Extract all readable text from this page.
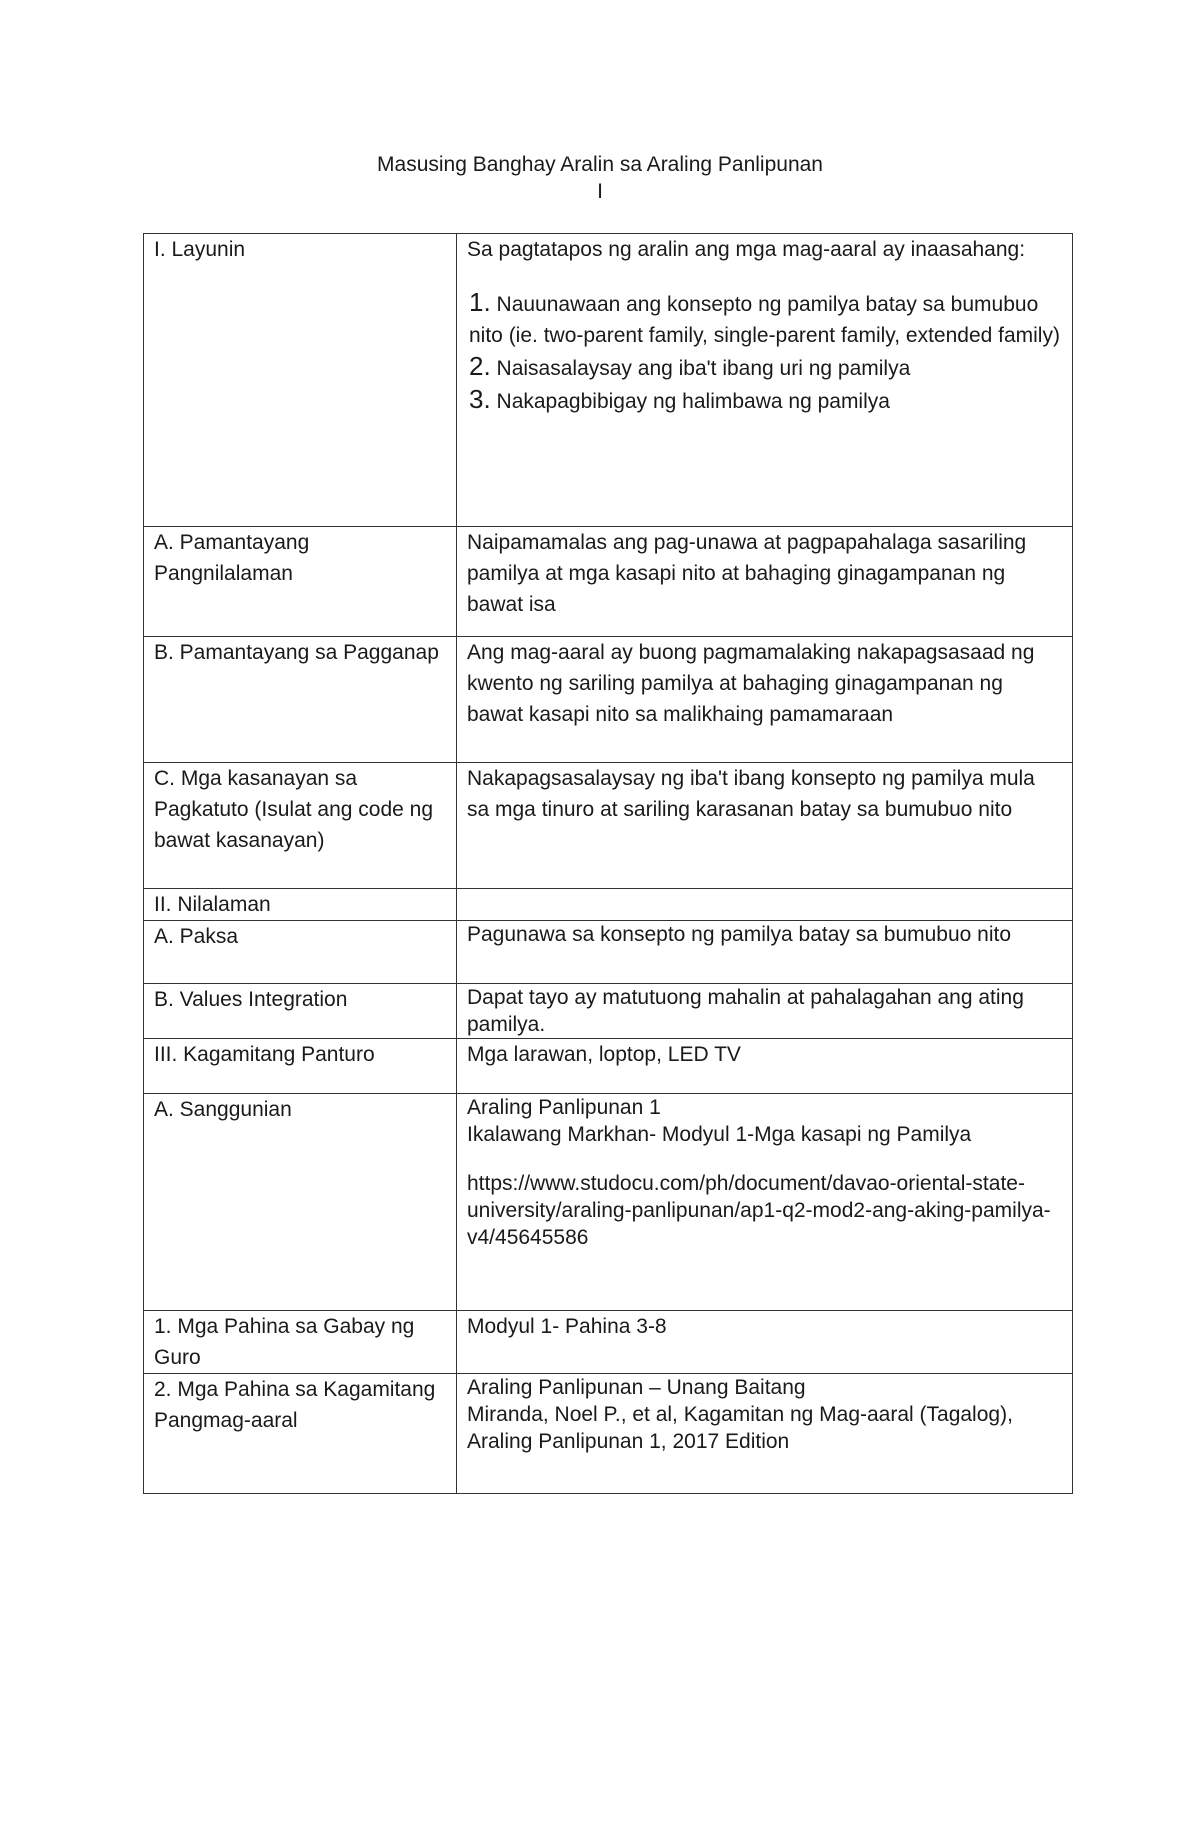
Masusing Banghay Aralin sa Araling Panlipunan
I
I. Layunin	Sa pagtatapos ng aralin ang mga mag-aaral ay inaasahang:

1. Nauunawaan ang konsepto ng pamilya batay sa bumubuo nito (ie. two-parent family, single-parent family, extended family)

2. Naisasalaysay ang iba't ibang uri ng pamilya

3. Nakapagbibigay ng halimbawa ng pamilya

A. Pamantayang Pangnilalaman	Naipamamalas ang pag-unawa at pagpapahalaga sasariling pamilya at mga kasapi nito at bahaging ginagampanan ng bawat isa
B. Pamantayang sa Pagganap	Ang mag-aaral ay buong pagmamalaking nakapagsasaad ng kwento ng sariling pamilya at bahaging ginagampanan ng bawat kasapi nito sa malikhaing pamamaraan
C. Mga kasanayan sa Pagkatuto (Isulat ang code ng bawat kasanayan)	Nakapagsasalaysay ng iba't ibang konsepto ng pamilya mula sa mga tinuro at sariling karasanan batay sa bumubuo nito
II. Nilalaman	
A. Paksa	Pagunawa sa konsepto ng pamilya batay sa bumubuo nito
B. Values Integration	Dapat tayo ay matutuong mahalin at pahalagahan ang ating pamilya.
III. Kagamitang Panturo	Mga larawan, loptop, LED TV
A. Sanggunian	Araling Panlipunan 1
Ikalawang Markhan- Modyul 1-Mga kasapi ng Pamilya
https://www.studocu.com/ph/document/davao-oriental-state-university/araling-panlipunan/ap1-q2-mod2-ang-aking-pamilya-v4/45645586

1. Mga Pahina sa Gabay ng Guro	Modyul 1- Pahina 3-8
2. Mga Pahina sa Kagamitang Pangmag-aaral	Araling Panlipunan – Unang Baitang
Miranda, Noel P., et al, Kagamitan ng Mag-aaral (Tagalog), Araling Panlipunan 1, 2017 Edition
